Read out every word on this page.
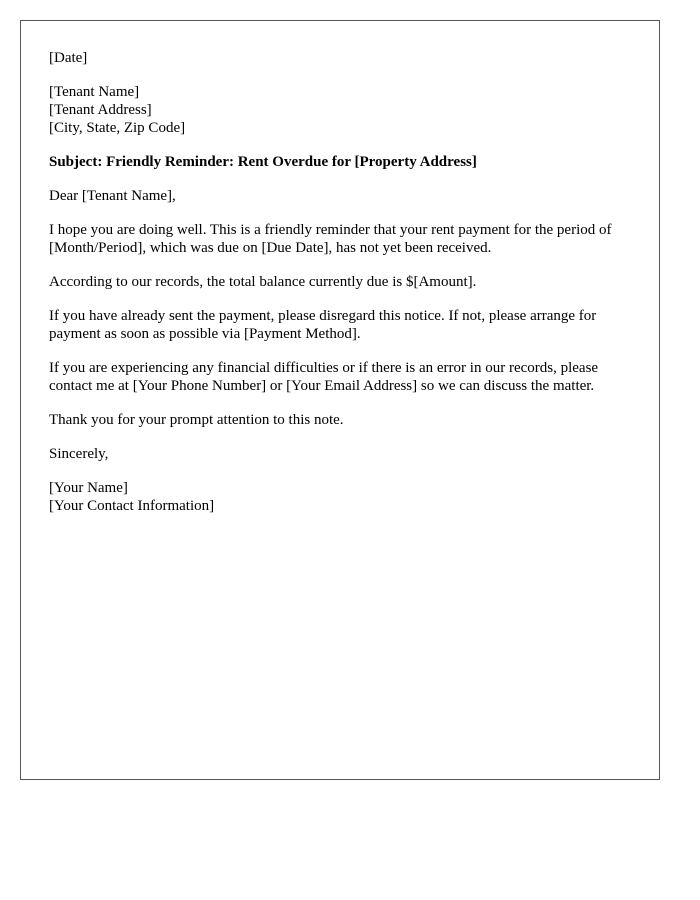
[Date]
[Tenant Name]
[Tenant Address]
[City, State, Zip Code]
Subject: Friendly Reminder: Rent Overdue for [Property Address]
Dear [Tenant Name],

I hope you are doing well. This is a friendly reminder that your rent payment for the period of [Month/Period], which was due on [Due Date], has not yet been received.

According to our records, the total balance currently due is $[Amount].

If you have already sent the payment, please disregard this notice. If not, please arrange for payment as soon as possible via [Payment Method].

If you are experiencing any financial difficulties or if there is an error in our records, please contact me at [Your Phone Number] or [Your Email Address] so we can discuss the matter.

Thank you for your prompt attention to this note.

Sincerely,
[Your Name]
[Your Contact Information]
